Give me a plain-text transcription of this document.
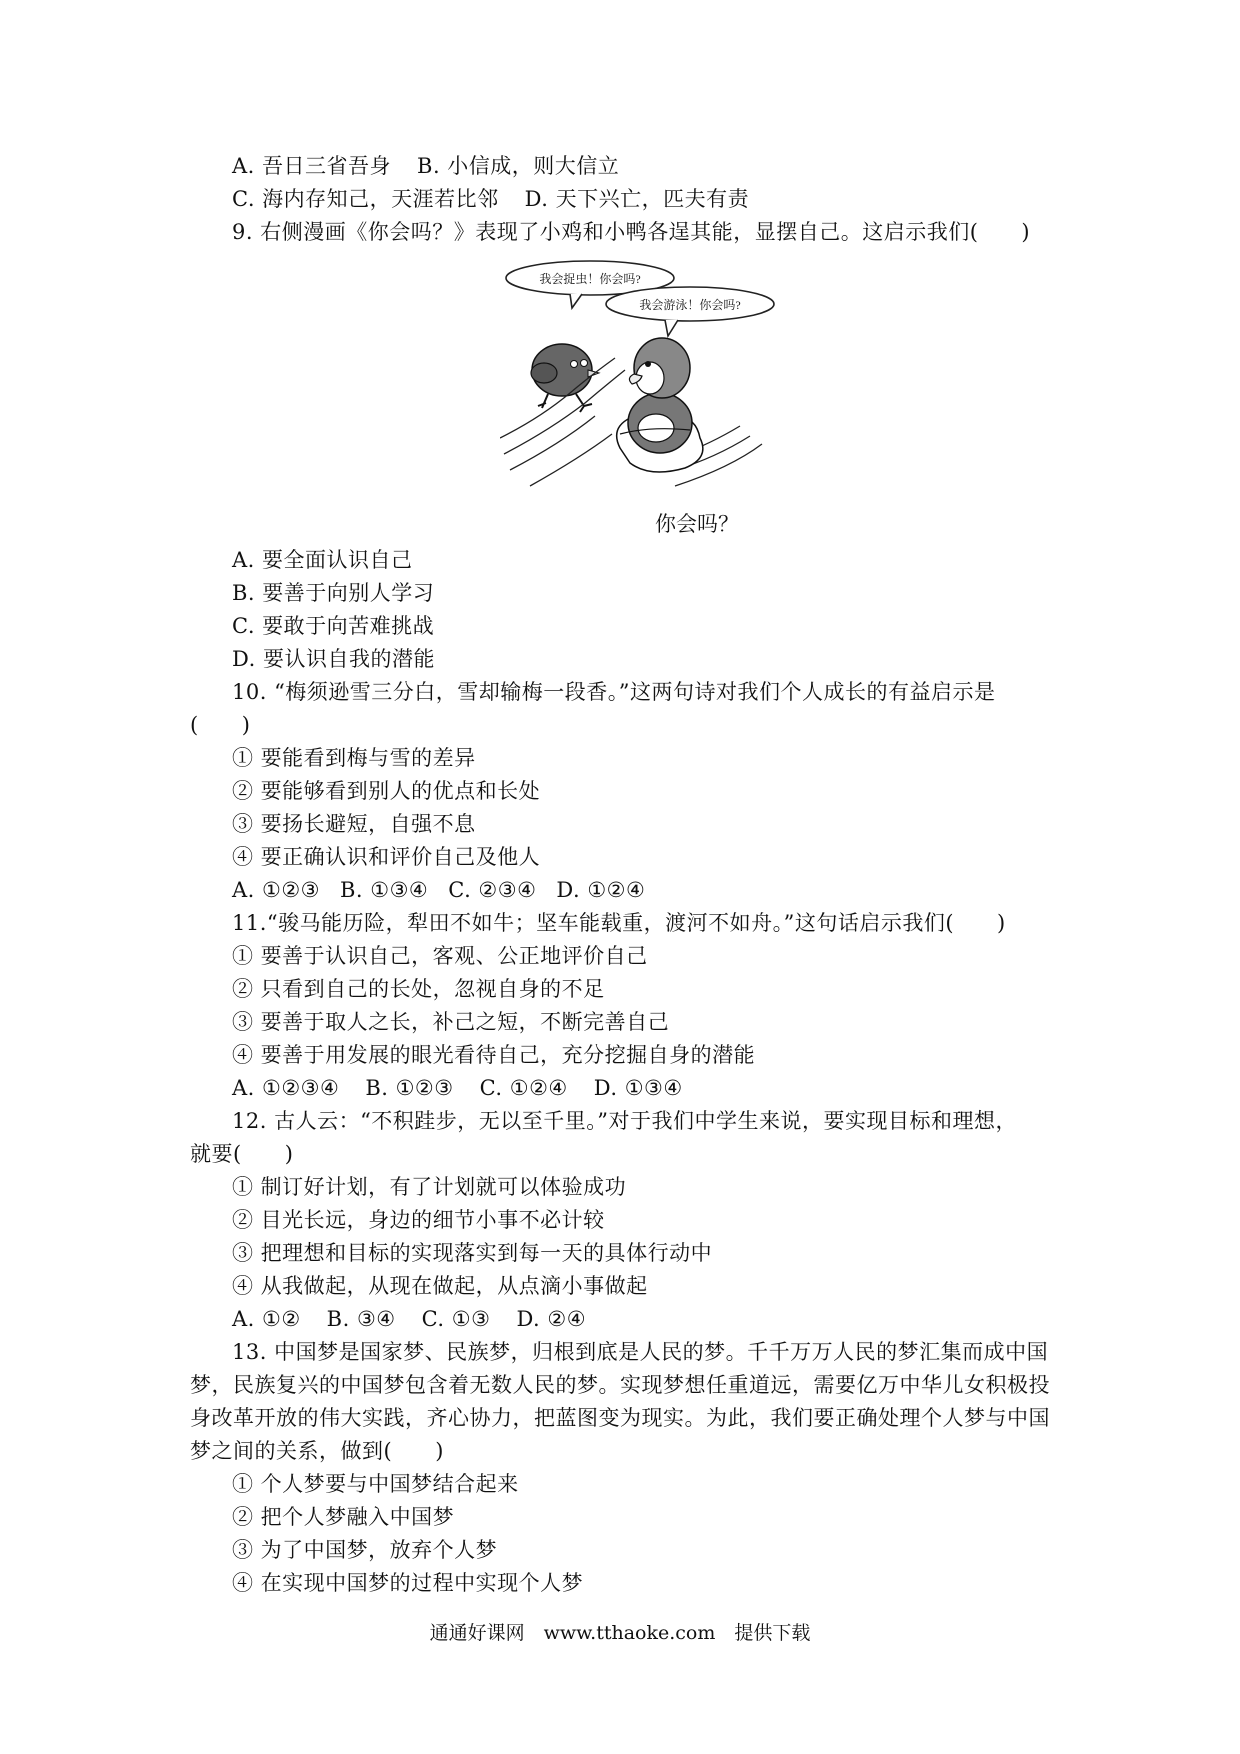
A. 吾日三省吾身 B. 小信成，则大信立
C. 海内存知己，天涯若比邻 D. 天下兴亡，匹夫有责
9. 右侧漫画《你会吗？》表现了小鸡和小鸭各逞其能，显摆自己。这启示我们(　　)
我会捉虫！你会吗?
我会游泳！你会吗?
你会吗？
A. 要全面认识自己
B. 要善于向别人学习
C. 要敢于向苦难挑战
D. 要认识自我的潜能
10. “梅须逊雪三分白，雪却输梅一段香。”这两句诗对我们个人成长的有益启示是
(　　)
① 要能看到梅与雪的差异
② 要能够看到别人的优点和长处
③ 要扬长避短，自强不息
④ 要正确认识和评价自己及他人
A. ①②③ B. ①③④ C. ②③④ D. ①②④
11.“骏马能历险，犁田不如牛；坚车能载重，渡河不如舟。”这句话启示我们(　　)
① 要善于认识自己，客观、公正地评价自己
② 只看到自己的长处，忽视自身的不足
③ 要善于取人之长，补己之短，不断完善自己
④ 要善于用发展的眼光看待自己，充分挖掘自身的潜能
A. ①②③④ B. ①②③ C. ①②④ D. ①③④
12. 古人云：“不积跬步，无以至千里。”对于我们中学生来说，要实现目标和理想，
就要(　　)
① 制订好计划，有了计划就可以体验成功
② 目光长远，身边的细节小事不必计较
③ 把理想和目标的实现落实到每一天的具体行动中
④ 从我做起，从现在做起，从点滴小事做起
A. ①② B. ③④ C. ①③ D. ②④
13. 中国梦是国家梦、民族梦，归根到底是人民的梦。千千万万人民的梦汇集而成中国
梦，民族复兴的中国梦包含着无数人民的梦。实现梦想任重道远，需要亿万中华儿女积极投
身改革开放的伟大实践，齐心协力，把蓝图变为现实。为此，我们要正确处理个人梦与中国
梦之间的关系，做到(　　)
① 个人梦要与中国梦结合起来
② 把个人梦融入中国梦
③ 为了中国梦，放弃个人梦
④ 在实现中国梦的过程中实现个人梦
通通好课网　www.tthaoke.com　提供下载
